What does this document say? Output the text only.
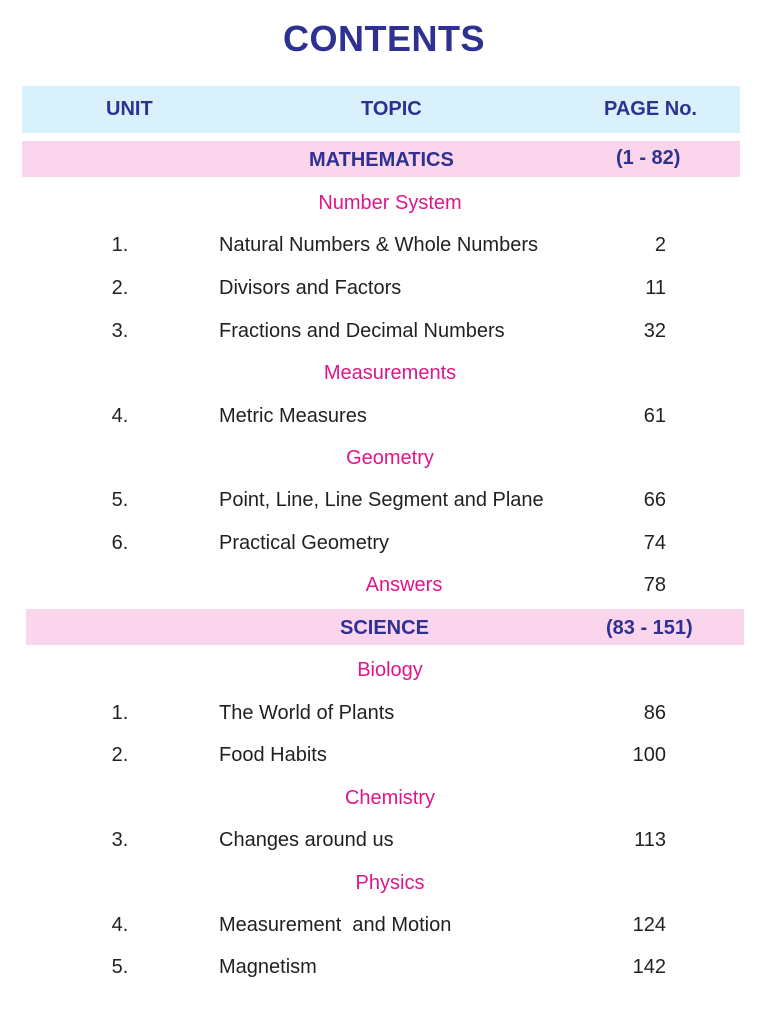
CONTENTS
UNIT	TOPIC	PAGE No.
MATHEMATICS	(1 - 82)
Number System
1.	Natural Numbers & Whole Numbers	2
2.	Divisors and Factors	11
3.	Fractions and Decimal Numbers	32
Measurements
4.	Metric Measures	61
Geometry
5.	Point, Line, Line Segment and Plane	66
6.	Practical Geometry	74
Answers	78
SCIENCE	(83 - 151)
Biology
1.	The World of Plants	86
2.	Food Habits	100
Chemistry
3.	Changes around us	113
Physics
4.	Measurement  and Motion	124
5.	Magnetism	142
